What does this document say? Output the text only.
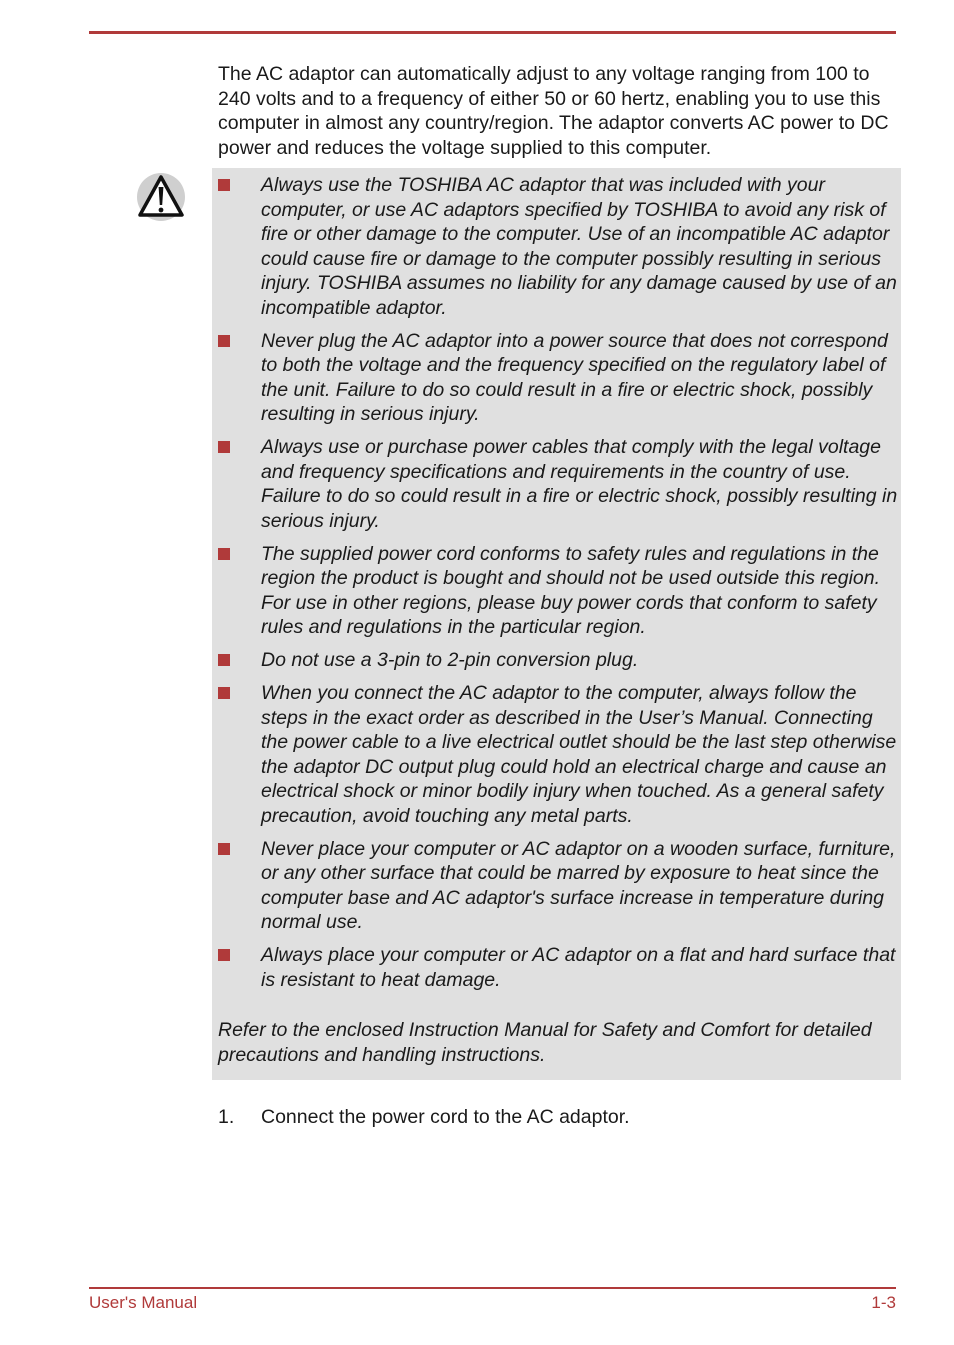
The AC adaptor can automatically adjust to any voltage ranging from 100 to 240 volts and to a frequency of either 50 or 60 hertz, enabling you to use this computer in almost any country/region. The adaptor converts AC power to DC power and reduces the voltage supplied to this computer.

Always use the TOSHIBA AC adaptor that was included with your computer, or use AC adaptors specified by TOSHIBA to avoid any risk of fire or other damage to the computer. Use of an incompatible AC adaptor could cause fire or damage to the computer possibly resulting in serious injury. TOSHIBA assumes no liability for any damage caused by use of an incompatible adaptor.
Never plug the AC adaptor into a power source that does not correspond to both the voltage and the frequency specified on the regulatory label of the unit. Failure to do so could result in a fire or electric shock, possibly resulting in serious injury.
Always use or purchase power cables that comply with the legal voltage and frequency specifications and requirements in the country of use. Failure to do so could result in a fire or electric shock, possibly resulting in serious injury.
The supplied power cord conforms to safety rules and regulations in the region the product is bought and should not be used outside this region. For use in other regions, please buy power cords that conform to safety rules and regulations in the particular region.
Do not use a 3-pin to 2-pin conversion plug.
When you connect the AC adaptor to the computer, always follow the steps in the exact order as described in the User’s Manual. Connecting the power cable to a live electrical outlet should be the last step otherwise the adaptor DC output plug could hold an electrical charge and cause an electrical shock or minor bodily injury when touched. As a general safety precaution, avoid touching any metal parts.
Never place your computer or AC adaptor on a wooden surface, furniture, or any other surface that could be marred by exposure to heat since the computer base and AC adaptor's surface increase in temperature during normal use.
Always place your computer or AC adaptor on a flat and hard surface that is resistant to heat damage.

Refer to the enclosed Instruction Manual for Safety and Comfort for detailed precautions and handling instructions.

1. Connect the power cord to the AC adaptor.
User's Manual	1-3
